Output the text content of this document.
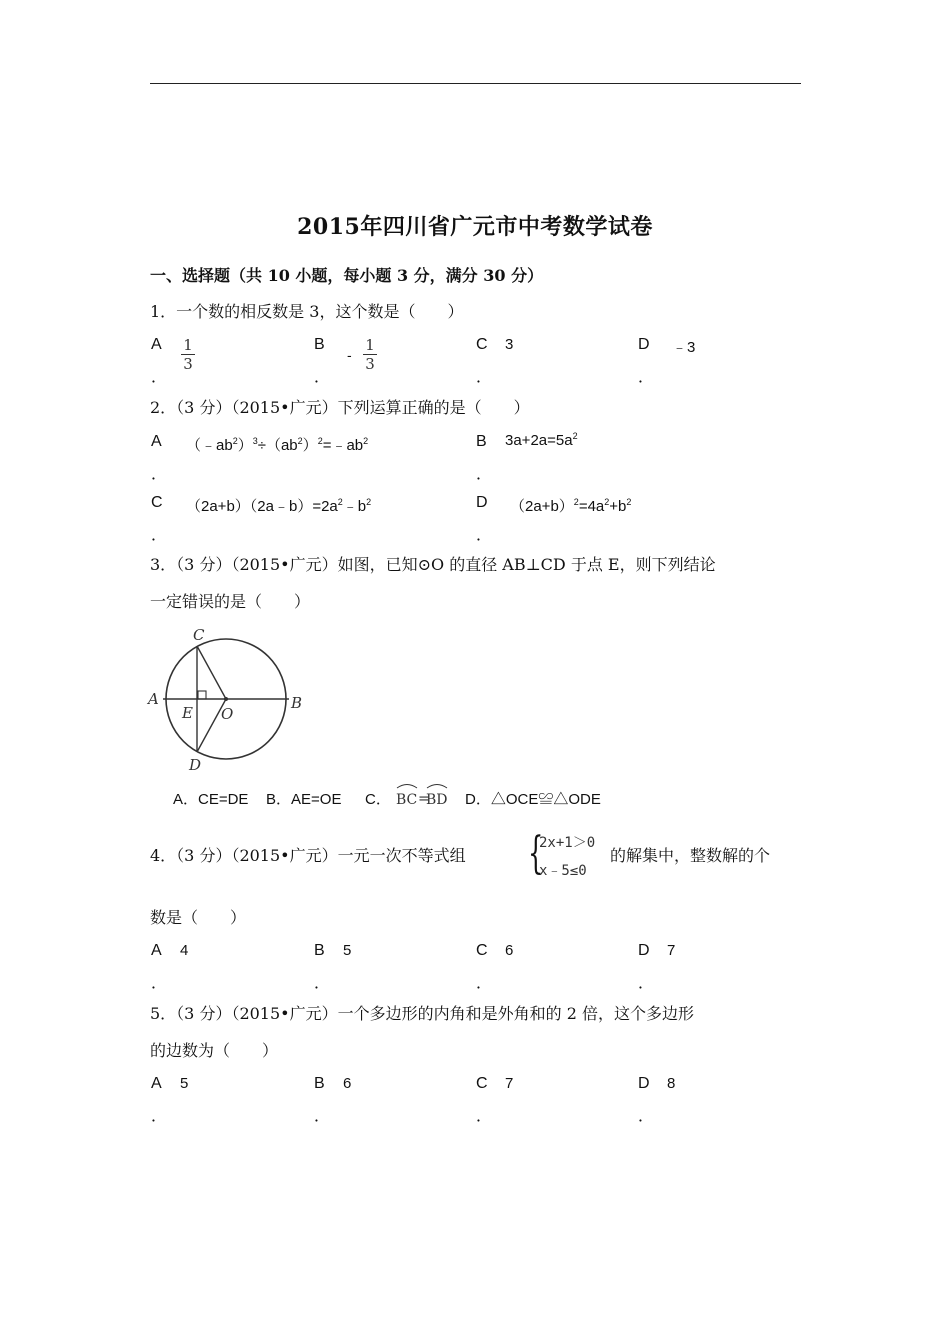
2015年四川省广元市中考数学试卷
一、选择题（共 10 小题，每小题 3 分，满分 30 分）
1．一个数的相反数是 3，这个数是（　　）
A
．
$\frac{1}{3}$	B
．
- $\frac{1}{3}$	C
．
3	D
．
﹣3
2．（3 分）（2015•广元）下列运算正确的是（　　）
A
．
$(﹣ab^2)^3\div(ab^2)^2=﹣ab^2$	B
．
$3a+2a=5a^2$
C
．
$(2a+b)(2a﹣b)=2a^2﹣b^2$	D
．
$(2a+b)^2=4a^2+b^2$
3．（3 分）（2015•广元）如图，已知⊙O 的直径 AB⊥CD 于点 E，则下列结论
一定错误的是（　　）
A	B
C
D
E O
A．CE=DE B．AE=OE C． BC =
BD D．△OCE≌△ODE
4．（3 分）（2015•广元）一元一次不等式组 {
2x+1＞0
x﹣5≤0
的解集中，整数解的个
数是（　　）
A
．
4	B
．
5	C
．
6	D
．
7
5．（3 分）（2015•广元）一个多边形的内角和是外角和的 2 倍，这个多边形
的边数为（　　）
A
．
5	B
．
6	C
．
7	D
．
8
